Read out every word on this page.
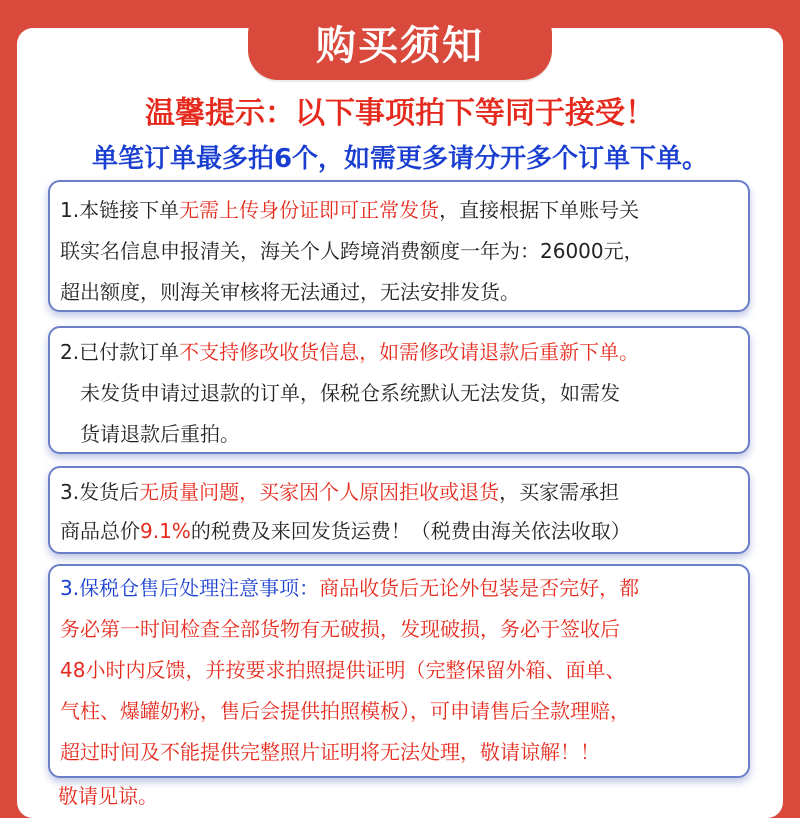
购买须知
温馨提示：以下事项拍下等同于接受！
单笔订单最多拍6个，如需更多请分开多个订单下单。
1.本链接下单无需上传身份证即可正常发货，直接根据下单账号关
联实名信息申报清关，海关个人跨境消费额度一年为：26000元，
超出额度，则海关审核将无法通过，无法安排发货。
2.已付款订单不支持修改收货信息，如需修改请退款后重新下单。
未发货申请过退款的订单，保税仓系统默认无法发货，如需发
货请退款后重拍。
3.发货后无质量问题，买家因个人原因拒收或退货，买家需承担
商品总价9.1%的税费及来回发货运费！（税费由海关依法收取）
3.保税仓售后处理注意事项：商品收货后无论外包装是否完好，都
务必第一时间检查全部货物有无破损，发现破损，务必于签收后
48小时内反馈，并按要求拍照提供证明（完整保留外箱、面单、
气柱、爆罐奶粉，售后会提供拍照模板），可申请售后全款理赔，
超过时间及不能提供完整照片证明将无法处理，敬请谅解！！
敬请见谅。
